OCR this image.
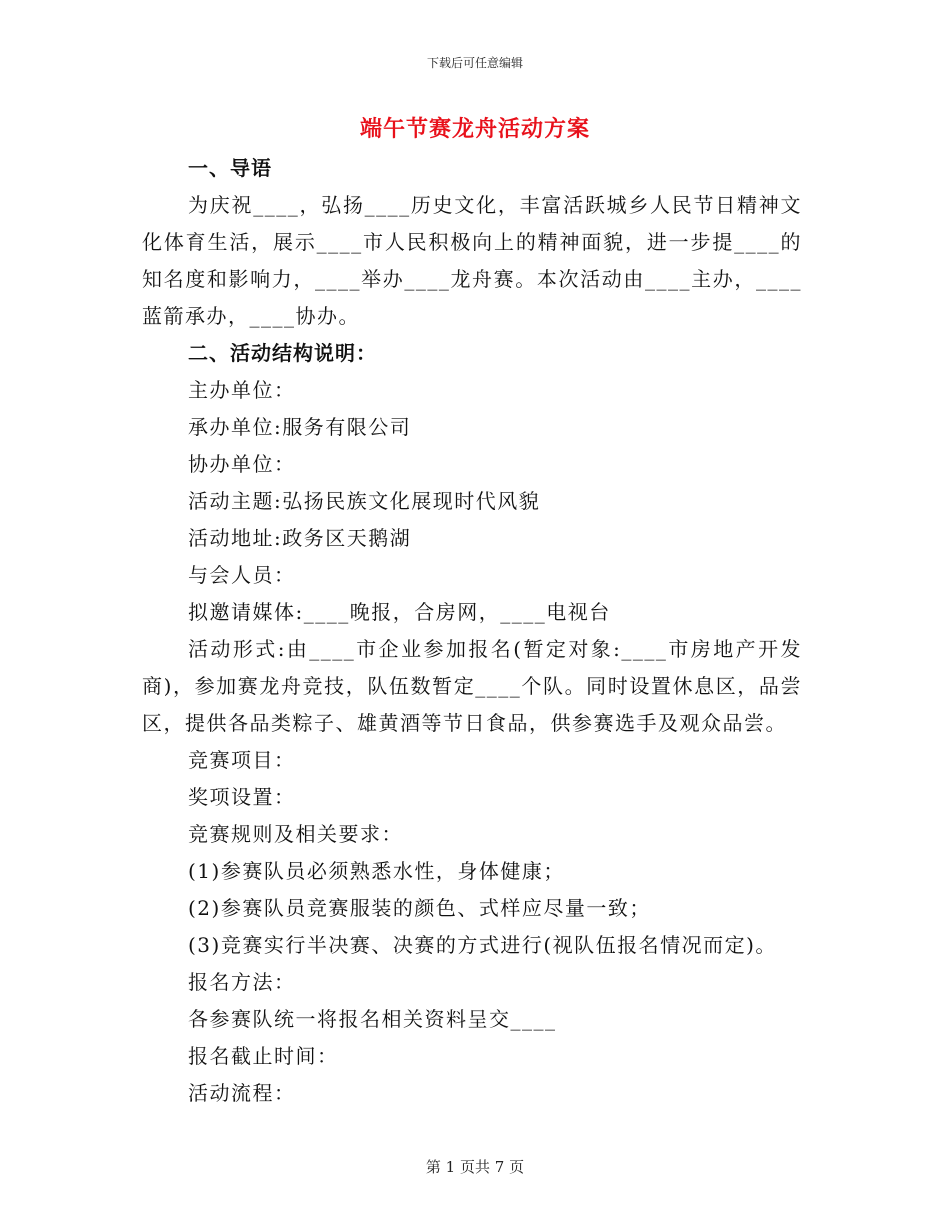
下载后可任意编辑
端午节赛龙舟活动方案
一、导语
为庆祝____，弘扬____历史文化，丰富活跃城乡人民节日精神文
化体育生活，展示____市人民积极向上的精神面貌，进一步提____的
知名度和影响力，____举办____龙舟赛。本次活动由____主办，____
蓝箭承办，____协办。
二、活动结构说明：
主办单位：
承办单位:服务有限公司
协办单位：
活动主题:弘扬民族文化展现时代风貌
活动地址:政务区天鹅湖
与会人员：
拟邀请媒体:____晚报，合房网，____电视台
活动形式:由____市企业参加报名(暂定对象:____市房地产开发
商)，参加赛龙舟竞技，队伍数暂定____个队。同时设置休息区，品尝
区，提供各品类粽子、雄黄酒等节日食品，供参赛选手及观众品尝。
竞赛项目：
奖项设置：
竞赛规则及相关要求：
(1)参赛队员必须熟悉水性，身体健康；
(2)参赛队员竞赛服装的颜色、式样应尽量一致；
(3)竞赛实行半决赛、决赛的方式进行(视队伍报名情况而定)。
报名方法：
各参赛队统一将报名相关资料呈交____
报名截止时间：
活动流程：
第 1 页共 7 页
